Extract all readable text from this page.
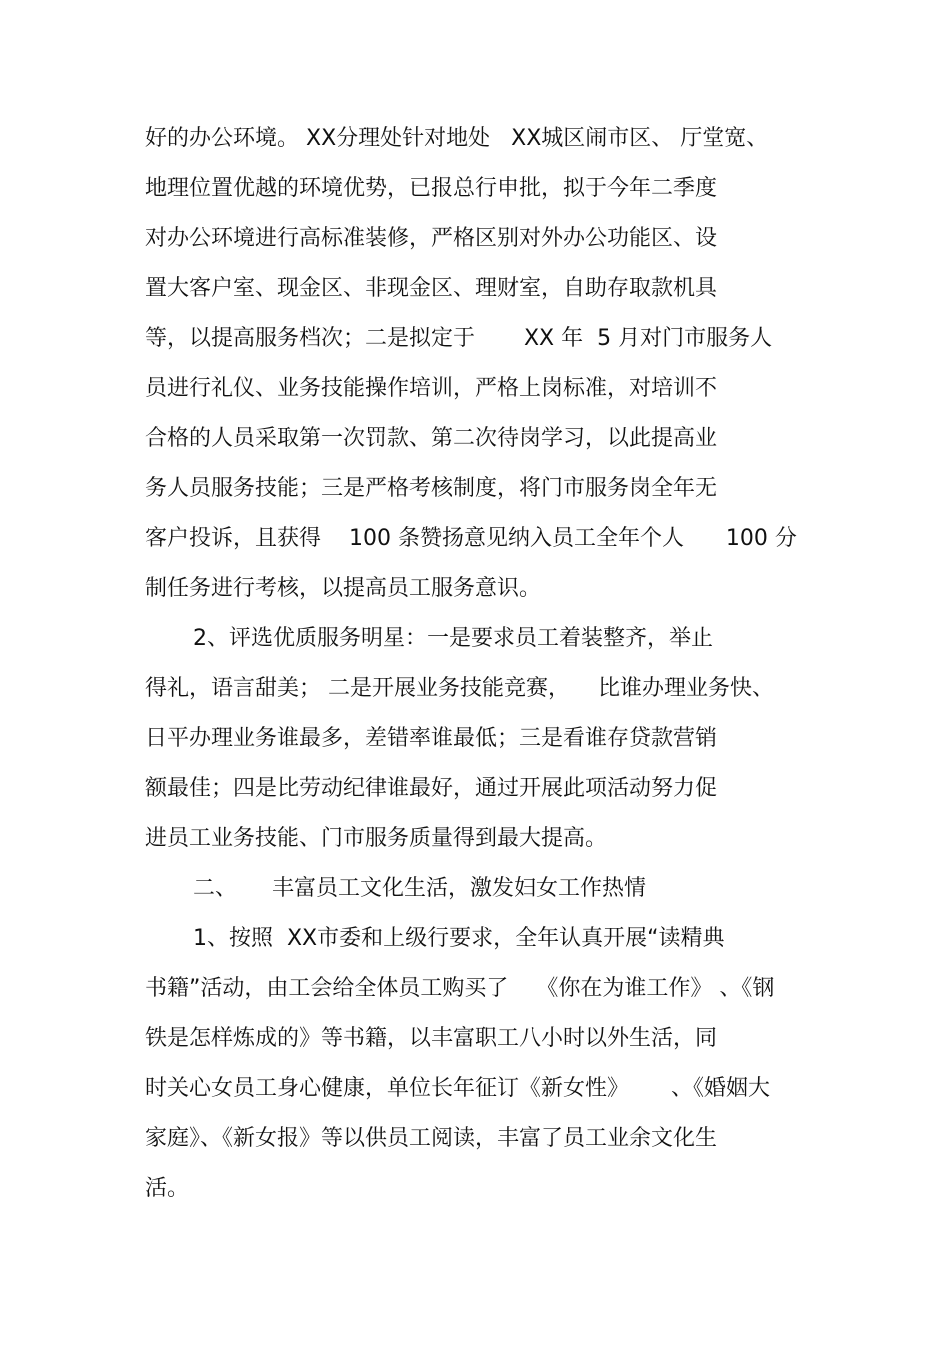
好的办公环境。 XX分理处针对地处   XX城区闹市区、 厅堂宽、
地理位置优越的环境优势，已报总行申批，拟于今年二季度
对办公环境进行高标准装修，严格区别对外办公功能区、设
置大客户室、现金区、非现金区、理财室，自助存取款机具
等，以提高服务档次；二是拟定于       XX 年  5 月对门市服务人
员进行礼仪、业务技能操作培训，严格上岗标准，对培训不
合格的人员采取第一次罚款、第二次待岗学习，以此提高业
务人员服务技能；三是严格考核制度，将门市服务岗全年无
客户投诉，且获得    100 条赞扬意见纳入员工全年个人      100 分
制任务进行考核，以提高员工服务意识。
2、评选优质服务明星：一是要求员工着装整齐，举止
得礼，语言甜美； 二是开展业务技能竞赛，    比谁办理业务快、
日平办理业务谁最多，差错率谁最低；三是看谁存贷款营销
额最佳；四是比劳动纪律谁最好，通过开展此项活动努力促
进员工业务技能、门市服务质量得到最大提高。
二、     丰富员工文化生活，激发妇女工作热情
1、按照  XX市委和上级行要求，全年认真开展“读精典
书籍”活动，由工会给全体员工购买了    《你在为谁工作》 、《钢
铁是怎样炼成的》等书籍，以丰富职工八小时以外生活，同
时关心女员工身心健康，单位长年征订《新女性》      、《婚姻大
家庭》、《新女报》等以供员工阅读，丰富了员工业余文化生
活。
